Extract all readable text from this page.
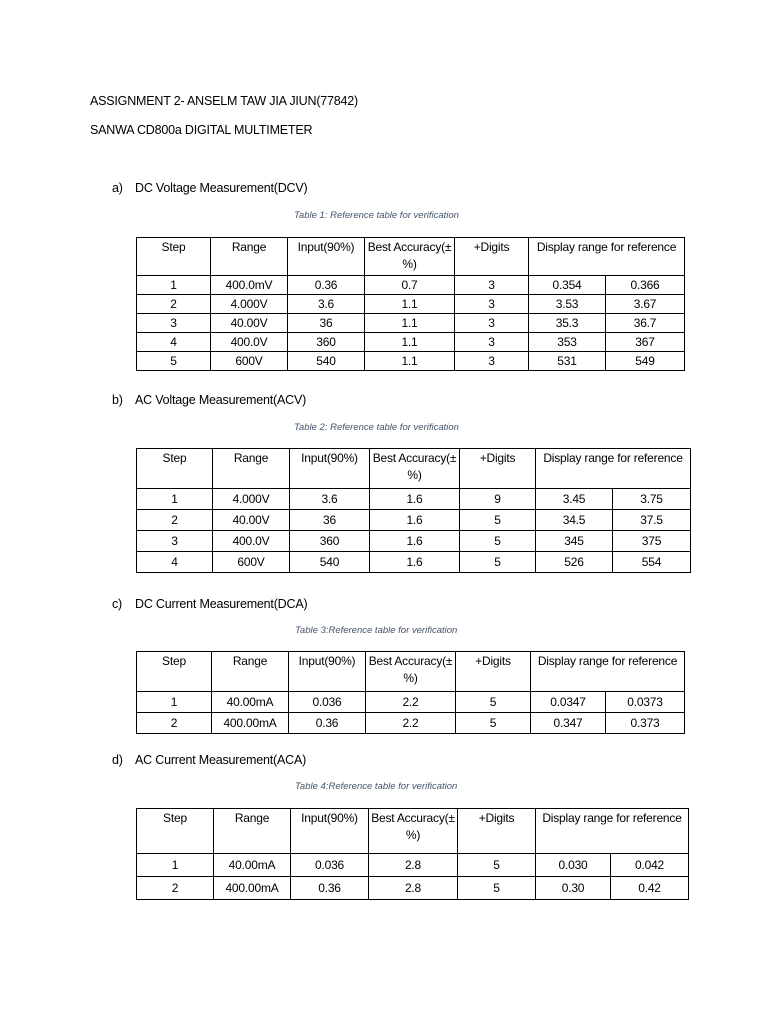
ASSIGNMENT 2- ANSELM TAW JIA JIUN(77842)
SANWA CD800a DIGITAL MULTIMETER
a) DC Voltage Measurement(DCV)
Table 1: Reference table for verification
Step	Range	Input(90%)	Best Accuracy(±%)	+Digits	Display range for reference	
1	400.0mV	0.36	0.7	3	0.354	0.366
2	4.000V	3.6	1.1	3	3.53	3.67
3	40.00V	36	1.1	3	35.3	36.7
4	400.0V	360	1.1	3	353	367
5	600V	540	1.1	3	531	549
b) AC Voltage Measurement(ACV)
Table 2: Reference table for verification
Step	Range	Input(90%)	Best Accuracy(±%)	+Digits	Display range for reference	
1	4.000V	3.6	1.6	9	3.45	3.75
2	40.00V	36	1.6	5	34.5	37.5
3	400.0V	360	1.6	5	345	375
4	600V	540	1.6	5	526	554
c) DC Current Measurement(DCA)
Table 3:Reference table for verification
Step	Range	Input(90%)	Best Accuracy(±%)	+Digits	Display range for reference	
1	40.00mA	0.036	2.2	5	0.0347	0.0373
2	400.00mA	0.36	2.2	5	0.347	0.373
d) AC Current Measurement(ACA)
Table 4:Reference table for verification
Step	Range	Input(90%)	Best Accuracy(±%)	+Digits	Display range for reference	
1	40.00mA	0.036	2.8	5	0.030	0.042
2	400.00mA	0.36	2.8	5	0.30	0.42
